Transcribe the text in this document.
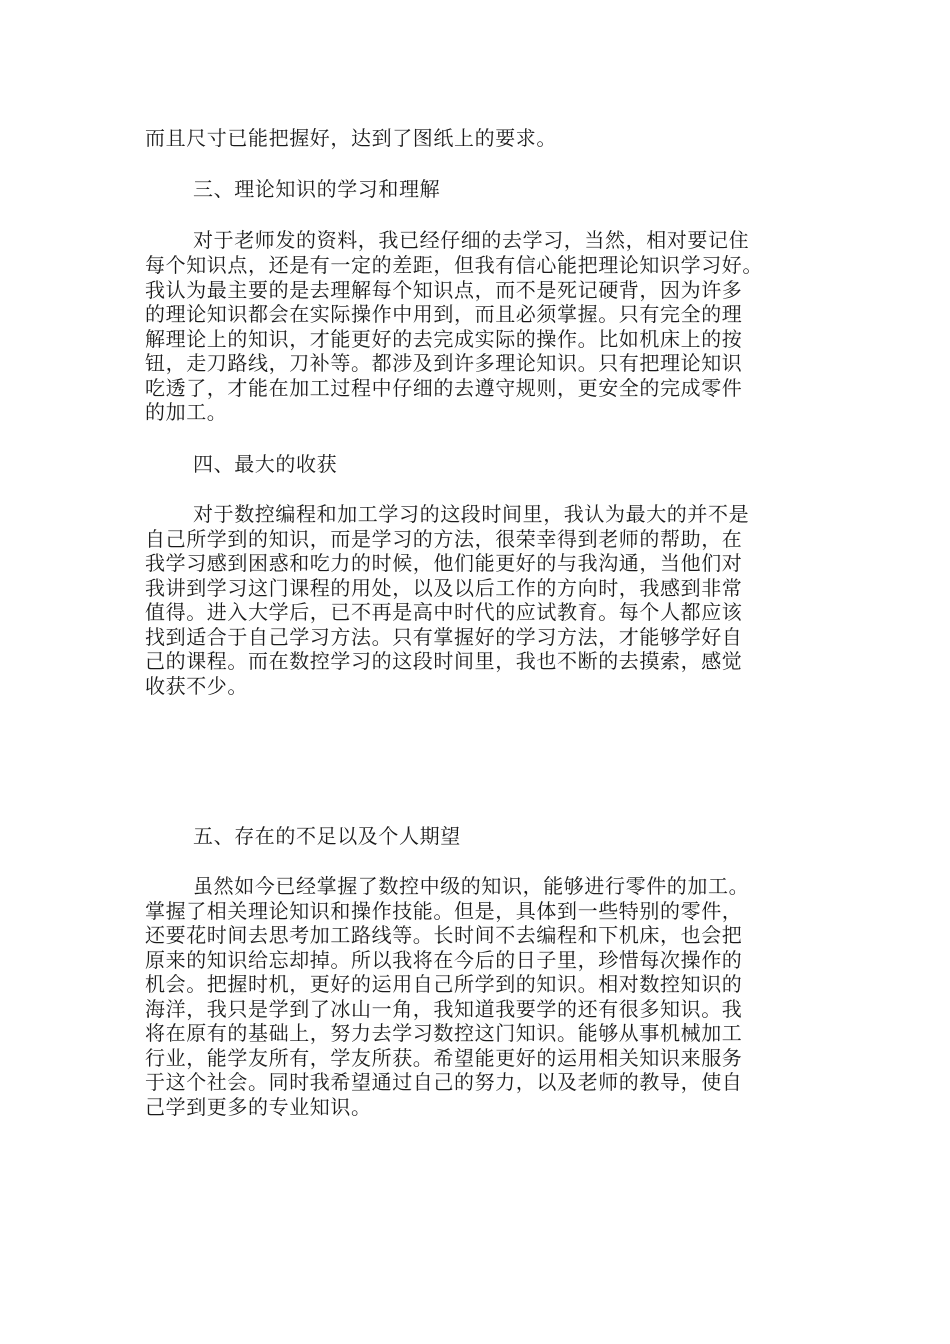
而且尺寸已能把握好，达到了图纸上的要求。
三、理论知识的学习和理解
对于老师发的资料，我已经仔细的去学习，当然，相对要记住
每个知识点，还是有一定的差距，但我有信心能把理论知识学习好。
我认为最主要的是去理解每个知识点，而不是死记硬背，因为许多
的理论知识都会在实际操作中用到，而且必须掌握。只有完全的理
解理论上的知识，才能更好的去完成实际的操作。比如机床上的按
钮，走刀路线，刀补等。都涉及到许多理论知识。只有把理论知识
吃透了，才能在加工过程中仔细的去遵守规则，更安全的完成零件
的加工。
四、最大的收获
对于数控编程和加工学习的这段时间里，我认为最大的并不是
自己所学到的知识，而是学习的方法，很荣幸得到老师的帮助，在
我学习感到困惑和吃力的时候，他们能更好的与我沟通，当他们对
我讲到学习这门课程的用处，以及以后工作的方向时，我感到非常
值得。进入大学后，已不再是高中时代的应试教育。每个人都应该
找到适合于自己学习方法。只有掌握好的学习方法，才能够学好自
己的课程。而在数控学习的这段时间里，我也不断的去摸索，感觉
收获不少。
五、存在的不足以及个人期望
虽然如今已经掌握了数控中级的知识，能够进行零件的加工。
掌握了相关理论知识和操作技能。但是，具体到一些特别的零件，
还要花时间去思考加工路线等。长时间不去编程和下机床，也会把
原来的知识给忘却掉。所以我将在今后的日子里，珍惜每次操作的
机会。把握时机，更好的运用自己所学到的知识。相对数控知识的
海洋，我只是学到了冰山一角，我知道我要学的还有很多知识。我
将在原有的基础上，努力去学习数控这门知识。能够从事机械加工
行业，能学友所有，学友所获。希望能更好的运用相关知识来服务
于这个社会。同时我希望通过自己的努力，以及老师的教导，使自
己学到更多的专业知识。
